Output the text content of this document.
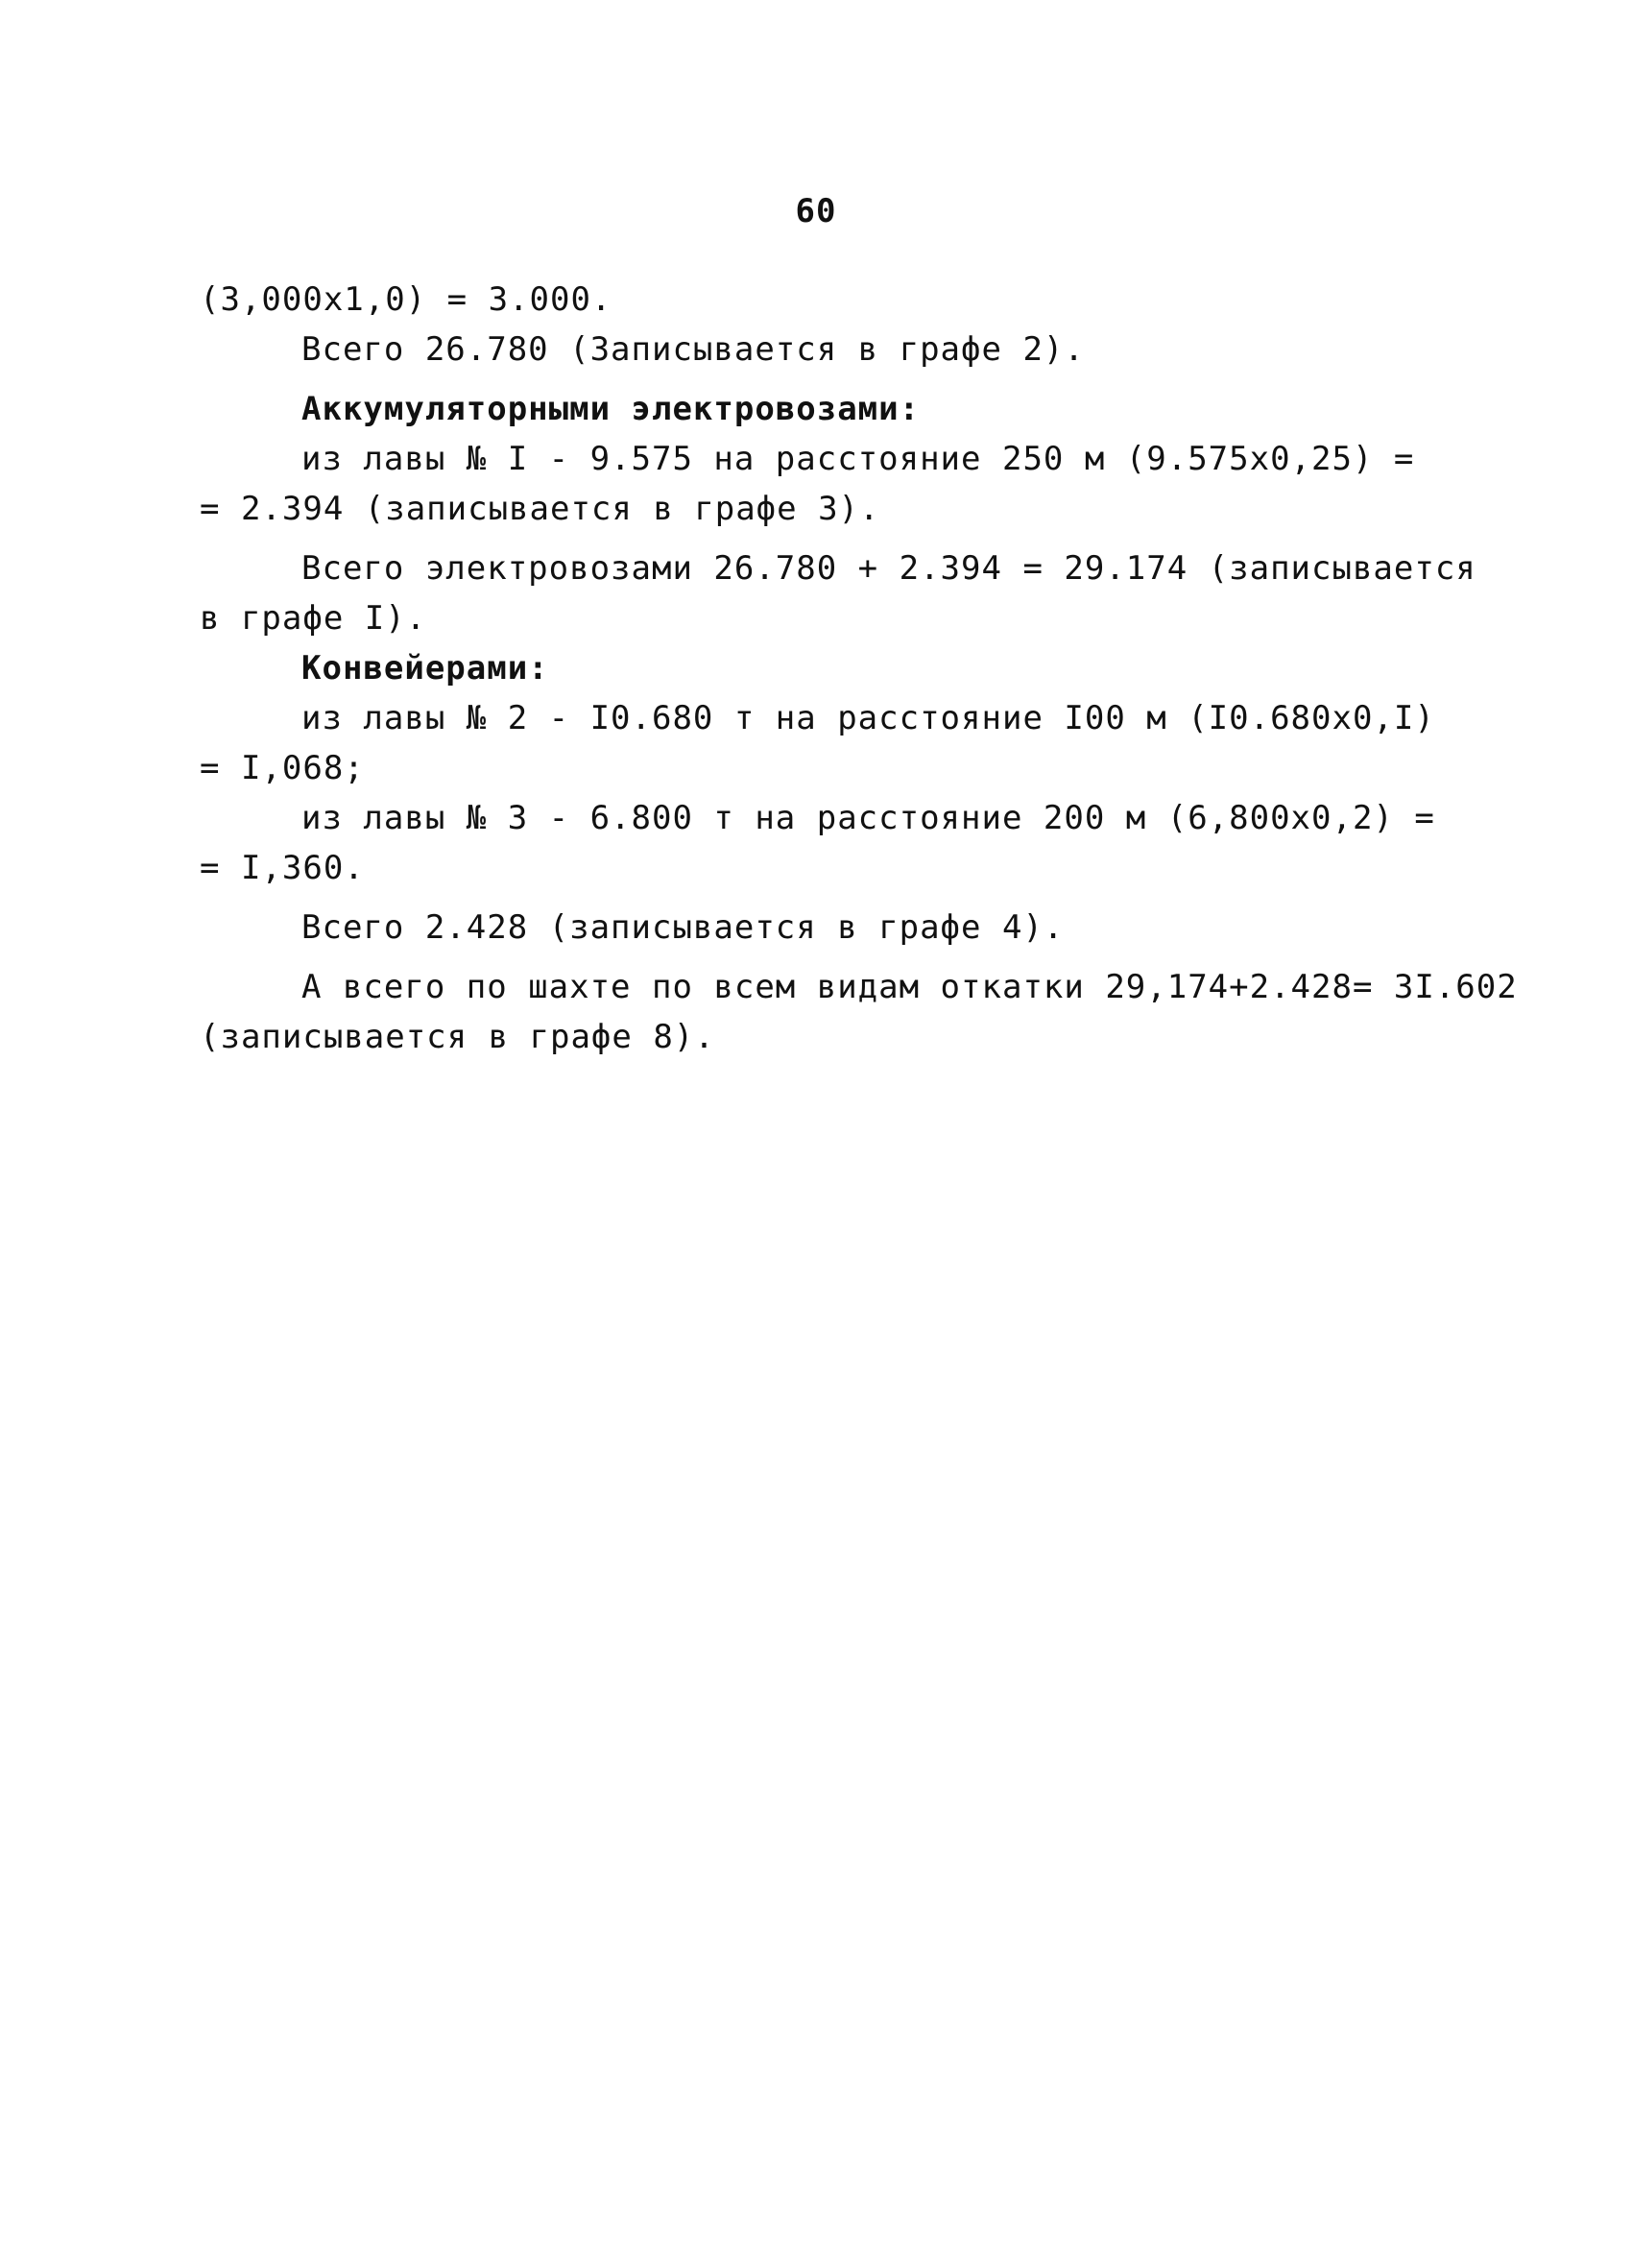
60

(3,000x1,0) = 3.000.

Всего 26.780 (Записывается в графе 2).

Аккумуляторными электровозами:

из лавы № I - 9.575 на расстояние 250 м (9.575x0,25) =

= 2.394 (записывается в графе 3).

Всего электровозами 26.780 + 2.394 = 29.174 (записывается

в графе I).

Конвейерами:

из лавы № 2 - I0.680 т на расстояние I00 м (I0.680x0,I)

= I,068;

из лавы № 3 - 6.800 т на расстояние 200 м (6,800x0,2) =

= I,360.

Всего 2.428 (записывается в графе 4).

А всего по шахте по всем видам откатки 29,174+2.428= 3I.602

(записывается в графе 8).
